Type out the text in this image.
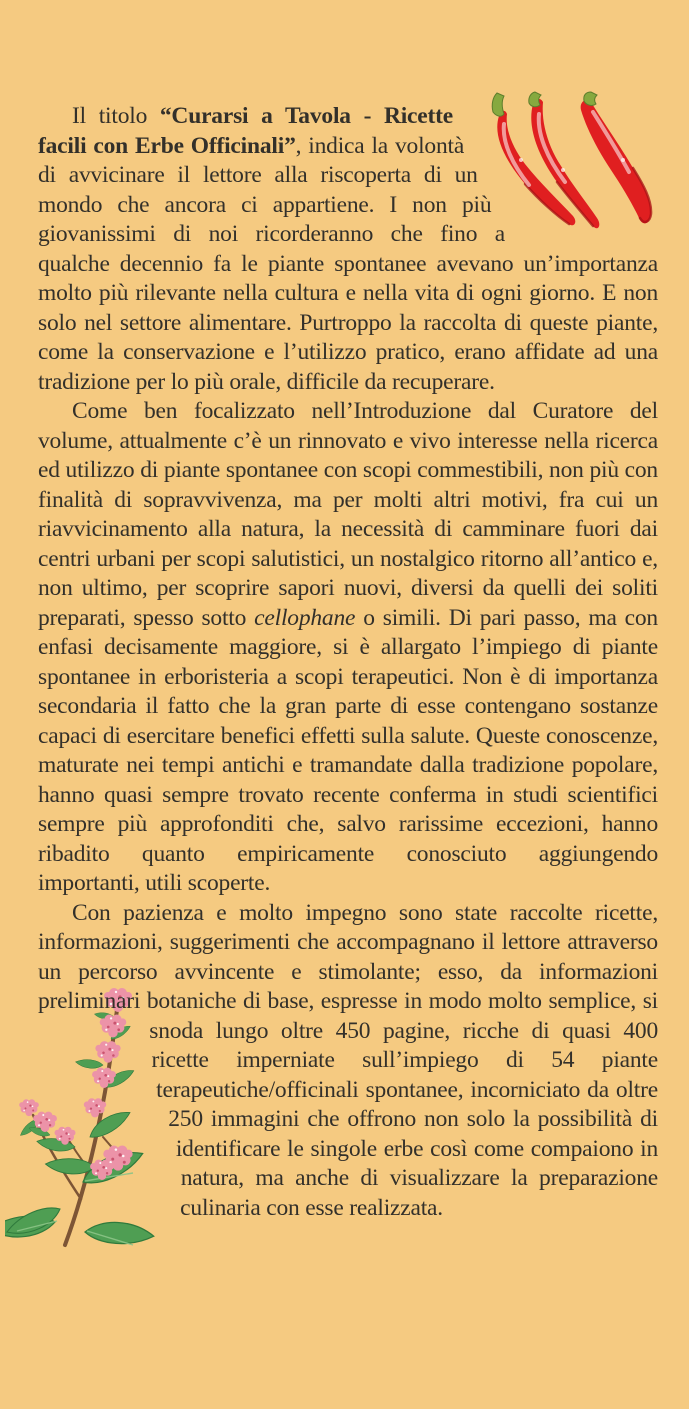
Il titolo “Curarsi a Tavola - Ricette facili con Erbe Officinali”, indica la volontà di avvicinare il lettore alla riscoperta di un mondo che ancora ci appartiene. I non più giovanissimi di noi ricorderanno che fino a qualche decennio fa le piante spontanee avevano un’importanza molto più rilevante nella cultura e nella vita di ogni giorno. E non solo nel settore alimentare. Purtroppo la raccolta di queste piante, come la conservazione e l’utilizzo pratico, erano affidate ad una tradizione per lo più orale, difficile da recuperare.

Come ben focalizzato nell’Introduzione dal Curatore del volume, attualmente c’è un rinnovato e vivo interesse nella ricerca ed utilizzo di piante spontanee con scopi commestibili, non più con finalità di sopravvivenza, ma per molti altri motivi, fra cui un riavvicinamento alla natura, la necessità di camminare fuori dai centri urbani per scopi salutistici, un nostalgico ritorno all’antico e, non ultimo, per scoprire sapori nuovi, diversi da quelli dei soliti preparati, spesso sotto cellophane o simili. Di pari passo, ma con enfasi decisamente maggiore, si è allargato l’impiego di piante spontanee in erboristeria a scopi terapeutici. Non è di importanza secondaria il fatto che la gran parte di esse contengano sostanze capaci di esercitare benefici effetti sulla salute. Queste conoscenze, maturate nei tempi antichi e tramandate dalla tradizione popolare, hanno quasi sempre trovato recente conferma in studi scientifici sempre più approfonditi che, salvo rarissime eccezioni, hanno ribadito quanto empiricamente conosciuto aggiungendo importanti, utili scoperte.

Con pazienza e molto impegno sono state raccolte ricette, informazioni, suggerimenti che accompagnano il lettore attraverso un percorso avvincente e stimolante; esso, da informazioni preliminari botaniche di base, espresse in
modo molto semplice, si snoda lungo oltre 450 pagine, ricche di quasi 400 ricette imperniate sull’impiego di 54 piante terapeutiche/officinali spontanee, incorniciato da oltre 250 immagini che offrono non solo la possibilità di identificare le singole erbe così come compaiono in natura, ma anche di visualizzare la preparazione culinaria con esse realizzata.
